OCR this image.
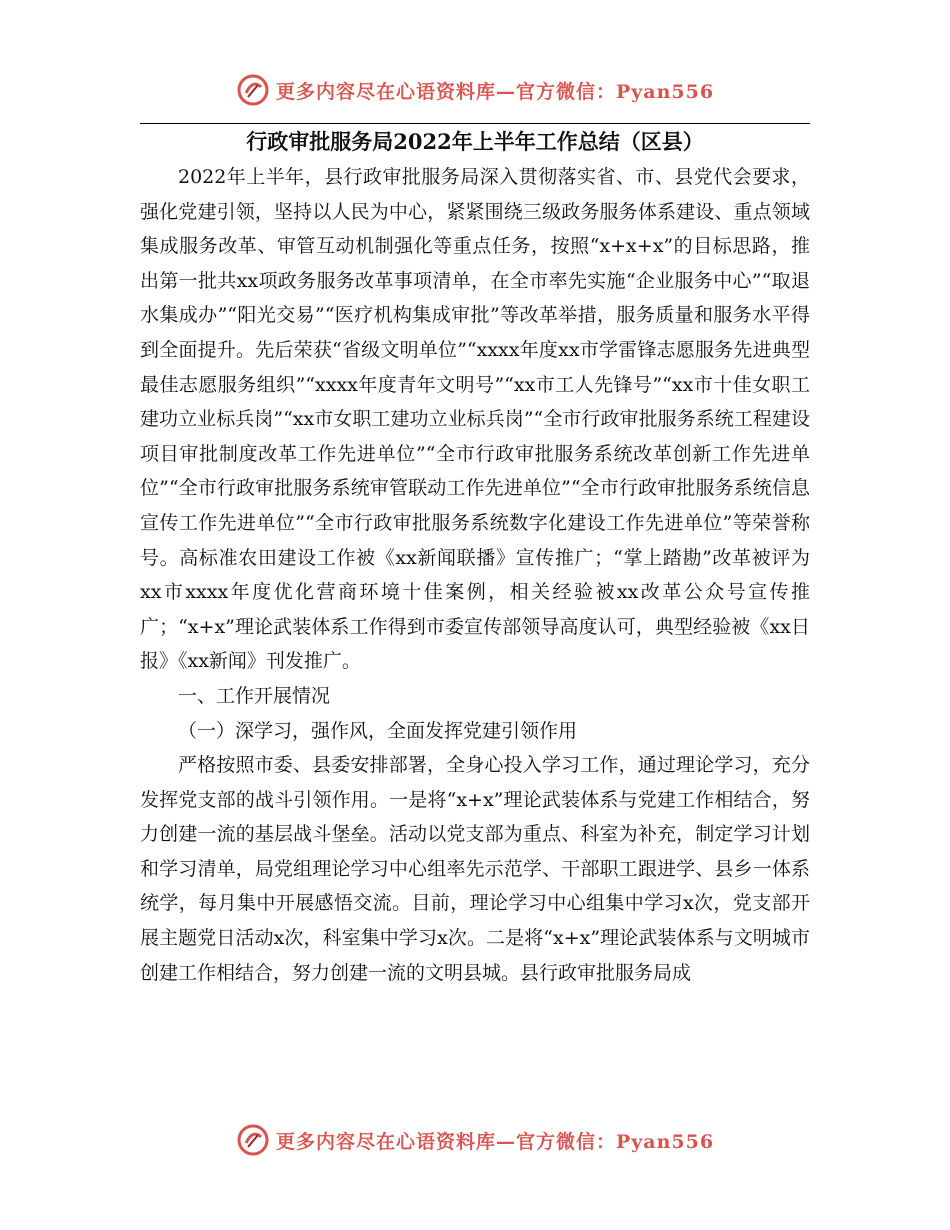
更多内容尽在心语资料库—官方微信：Pyan556
行政审批服务局2022年上半年工作总结（区县）

2022年上半年，县行政审批服务局深入贯彻落实省、市、县党代会要求，强化党建引领，坚持以人民为中心，紧紧围绕三级政务服务体系建设、重点领域集成服务改革、审管互动机制强化等重点任务，按照“x+x+x”的目标思路，推出第一批共xx项政务服务改革事项清单，在全市率先实施“企业服务中心”“取退水集成办”“阳光交易”“医疗机构集成审批”等改革举措，服务质量和服务水平得到全面提升。先后荣获“省级文明单位”“xxxx年度xx市学雷锋志愿服务先进典型最佳志愿服务组织”“xxxx年度青年文明号”“xx市工人先锋号”“xx市十佳女职工建功立业标兵岗”“xx市女职工建功立业标兵岗”“全市行政审批服务系统工程建设项目审批制度改革工作先进单位”“全市行政审批服务系统改革创新工作先进单位”“全市行政审批服务系统审管联动工作先进单位”“全市行政审批服务系统信息宣传工作先进单位”“全市行政审批服务系统数字化建设工作先进单位”等荣誉称号。高标准农田建设工作被《xx新闻联播》宣传推广；“掌上踏勘”改革被评为xx市xxxx年度优化营商环境十佳案例，相关经验被xx改革公众号宣传推广；“x+x”理论武装体系工作得到市委宣传部领导高度认可，典型经验被《xx日报》《xx新闻》刊发推广。

一、工作开展情况

（一）深学习，强作风，全面发挥党建引领作用

严格按照市委、县委安排部署，全身心投入学习工作，通过理论学习，充分发挥党支部的战斗引领作用。一是将“x+x”理论武装体系与党建工作相结合，努力创建一流的基层战斗堡垒。活动以党支部为重点、科室为补充，制定学习计划和学习清单，局党组理论学习中心组率先示范学、干部职工跟进学、县乡一体系统学，每月集中开展感悟交流。目前，理论学习中心组集中学习x次，党支部开展主题党日活动x次，科室集中学习x次。二是将“x+x”理论武装体系与文明城市创建工作相结合，努力创建一流的文明县城。县行政审批服务局成

更多内容尽在心语资料库—官方微信：Pyan556
